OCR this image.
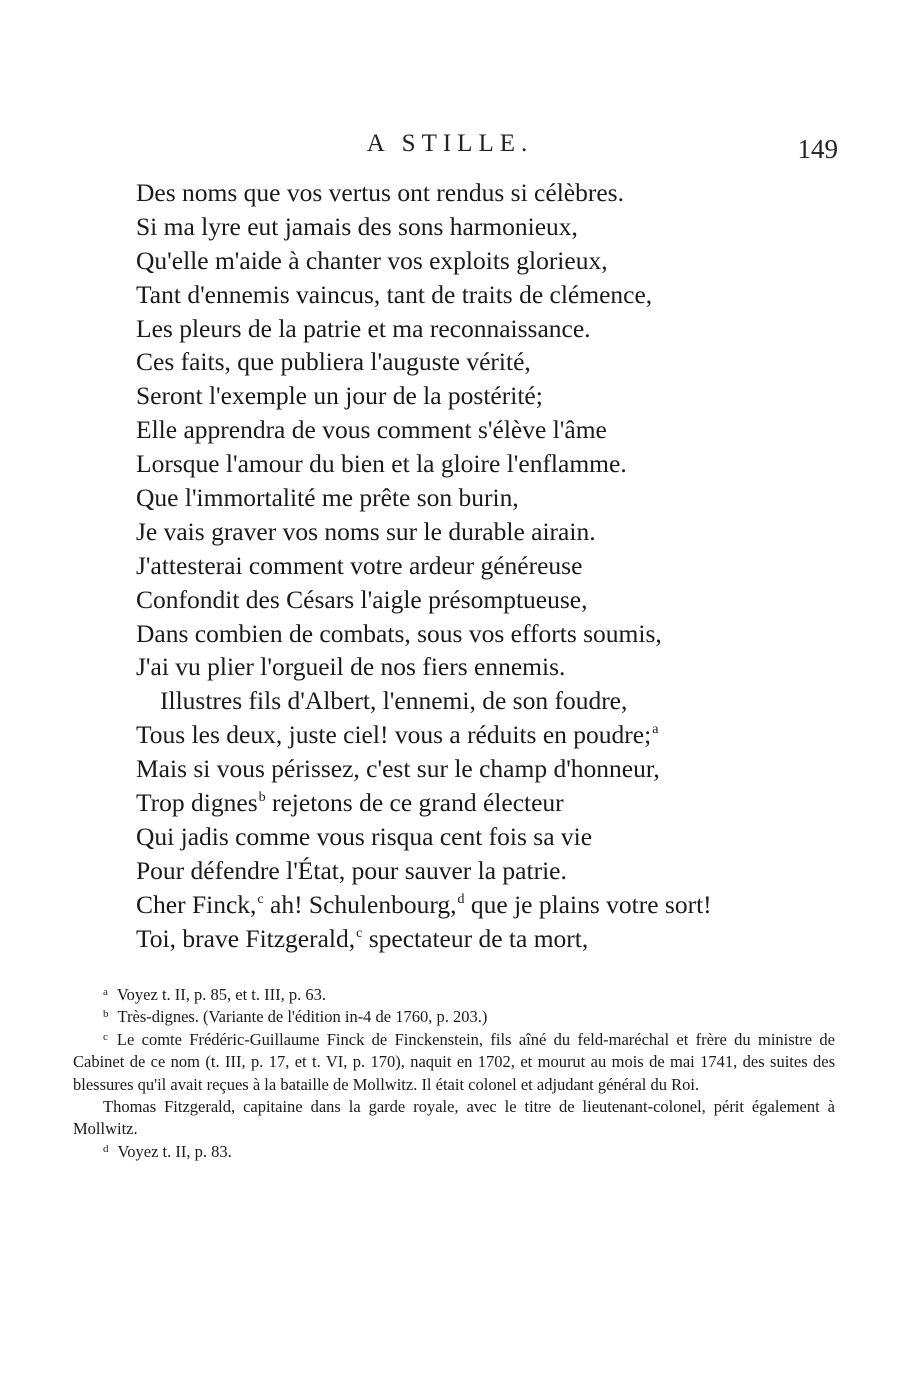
A STILLE.	149
Des noms que vos vertus ont rendus si célèbres.
Si ma lyre eut jamais des sons harmonieux,
Qu'elle m'aide à chanter vos exploits glorieux,
Tant d'ennemis vaincus, tant de traits de clémence,
Les pleurs de la patrie et ma reconnaissance.
Ces faits, que publiera l'auguste vérité,
Seront l'exemple un jour de la postérité;
Elle apprendra de vous comment s'élève l'âme
Lorsque l'amour du bien et la gloire l'enflamme.
Que l'immortalité me prête son burin,
Je vais graver vos noms sur le durable airain.
J'attesterai comment votre ardeur généreuse
Confondit des Césars l'aigle présomptueuse,
Dans combien de combats, sous vos efforts soumis,
J'ai vu plier l'orgueil de nos fiers ennemis.
Illustres fils d'Albert, l'ennemi, de son foudre,
Tous les deux, juste ciel! vous a réduits en poudre;$^a$
Mais si vous périssez, c'est sur le champ d'honneur,
Trop dignes$^b$ rejetons de ce grand électeur
Qui jadis comme vous risqua cent fois sa vie
Pour défendre l'État, pour sauver la patrie.
Cher Finck,$^c$ ah! Schulenbourg,$^d$ que je plains votre sort!
Toi, brave Fitzgerald,$^c$ spectateur de ta mort,

$^a$ Voyez t. II, p. 85, et t. III, p. 63.

$^b$ Très-dignes. (Variante de l'édition in-4 de 1760, p. 203.)

$^c$ Le comte Frédéric-Guillaume Finck de Finckenstein, fils aîné du feld-maréchal et frère du ministre de Cabinet de ce nom (t. III, p. 17, et t. VI, p. 170), naquit en 1702, et mourut au mois de mai 1741, des suites des blessures qu'il avait reçues à la bataille de Mollwitz. Il était colonel et adjudant général du Roi.

Thomas Fitzgerald, capitaine dans la garde royale, avec le titre de lieutenant-colonel, périt également à Mollwitz.

$^d$ Voyez t. II, p. 83.
